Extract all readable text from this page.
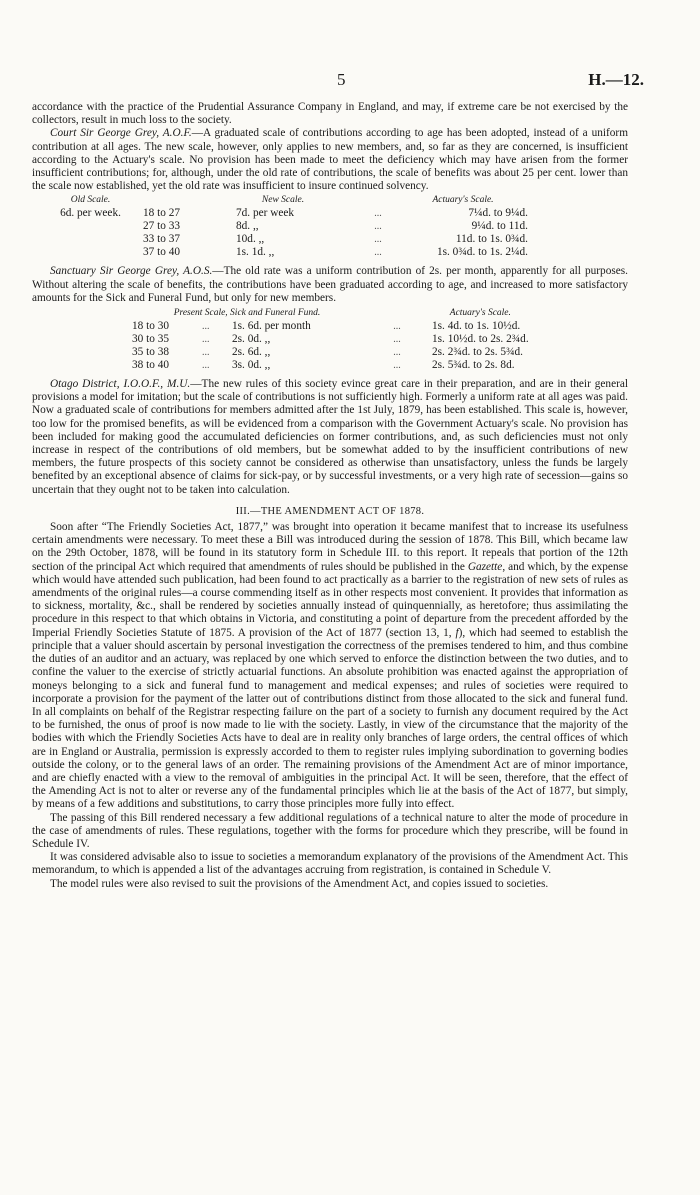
5	H.—12.

accordance with the practice of the Prudential Assurance Company in England, and may, if extreme care be not exercised by the collectors, result in much loss to the society.

Court Sir George Grey, A.O.F.—A graduated scale of contributions according to age has been adopted, instead of a uniform contribution at all ages. The new scale, however, only applies to new members, and, so far as they are concerned, is insufficient according to the Actuary's scale. No provision has been made to meet the deficiency which may have arisen from the former insufficient contributions; for, although, under the old rate of contributions, the scale of benefits was about 25 per cent. lower than the scale now established, yet the old rate was insufficient to insure continued solvency.

Old Scale.		New Scale.		Actuary's Scale.
6d. per week.	18 to 27	7d. per week	...	7¼d. to 9¼d.
	27 to 33	8d. ,,	...	9¼d. to 11d.
	33 to 37	10d. ,,	...	11d. to 1s. 0¾d.
	37 to 40	1s. 1d. ,,	...	1s. 0¾d. to 1s. 2¼d.

Sanctuary Sir George Grey, A.O.S.—The old rate was a uniform contribution of 2s. per month, apparently for all purposes. Without altering the scale of benefits, the contributions have been graduated according to age, and increased to more satisfactory amounts for the Sick and Funeral Fund, but only for new members.

Present Scale, Sick and Funeral Fund.				Actuary's Scale.
18 to 30	...	1s. 6d. per month	...	1s. 4d. to 1s. 10½d.
30 to 35	...	2s. 0d. ,,	...	1s. 10½d. to 2s. 2¾d.
35 to 38	...	2s. 6d. ,,	...	2s. 2¾d. to 2s. 5¾d.
38 to 40	...	3s. 0d. ,,	...	2s. 5¾d. to 2s. 8d.

Otago District, I.O.O.F., M.U.—The new rules of this society evince great care in their preparation, and are in their general provisions a model for imitation; but the scale of contributions is not sufficiently high. Formerly a uniform rate at all ages was paid. Now a graduated scale of contributions for members admitted after the 1st July, 1879, has been established. This scale is, however, too low for the promised benefits, as will be evidenced from a comparison with the Government Actuary's scale. No provision has been included for making good the accumulated deficiencies on former contributions, and, as such deficiencies must not only increase in respect of the contributions of old members, but be somewhat added to by the insufficient contributions of new members, the future prospects of this society cannot be considered as otherwise than unsatisfactory, unless the funds be largely benefited by an exceptional absence of claims for sick-pay, or by successful investments, or a very high rate of secession—gains so uncertain that they ought not to be taken into calculation.

III.—THE AMENDMENT ACT OF 1878.

Soon after “The Friendly Societies Act, 1877,” was brought into operation it became manifest that to increase its usefulness certain amendments were necessary. To meet these a Bill was introduced during the session of 1878. This Bill, which became law on the 29th October, 1878, will be found in its statutory form in Schedule III. to this report. It repeals that portion of the 12th section of the principal Act which required that amendments of rules should be published in the Gazette, and which, by the expense which would have attended such publication, had been found to act practically as a barrier to the registration of new sets of rules as amendments of the original rules—a course commending itself as in other respects most convenient. It provides that information as to sickness, mortality, &c., shall be rendered by societies annually instead of quinquennially, as heretofore; thus assimilating the procedure in this respect to that which obtains in Victoria, and constituting a point of departure from the precedent afforded by the Imperial Friendly Societies Statute of 1875. A provision of the Act of 1877 (section 13, 1, f), which had seemed to establish the principle that a valuer should ascertain by personal investigation the correctness of the premises tendered to him, and thus combine the duties of an auditor and an actuary, was replaced by one which served to enforce the distinction between the two duties, and to confine the valuer to the exercise of strictly actuarial functions. An absolute prohibition was enacted against the appropriation of moneys belonging to a sick and funeral fund to management and medical expenses; and rules of societies were required to incorporate a provision for the payment of the latter out of contributions distinct from those allocated to the sick and funeral fund. In all complaints on behalf of the Registrar respecting failure on the part of a society to furnish any document required by the Act to be furnished, the onus of proof is now made to lie with the society. Lastly, in view of the circumstance that the majority of the bodies with which the Friendly Societies Acts have to deal are in reality only branches of large orders, the central offices of which are in England or Australia, permission is expressly accorded to them to register rules implying subordination to governing bodies outside the colony, or to the general laws of an order. The remaining provisions of the Amendment Act are of minor importance, and are chiefly enacted with a view to the removal of ambiguities in the principal Act. It will be seen, therefore, that the effect of the Amending Act is not to alter or reverse any of the fundamental principles which lie at the basis of the Act of 1877, but simply, by means of a few additions and substitutions, to carry those principles more fully into effect.

The passing of this Bill rendered necessary a few additional regulations of a technical nature to alter the mode of procedure in the case of amendments of rules. These regulations, together with the forms for procedure which they prescribe, will be found in Schedule IV.

It was considered advisable also to issue to societies a memorandum explanatory of the provisions of the Amendment Act. This memorandum, to which is appended a list of the advantages accruing from registration, is contained in Schedule V.

The model rules were also revised to suit the provisions of the Amendment Act, and copies issued to societies.
